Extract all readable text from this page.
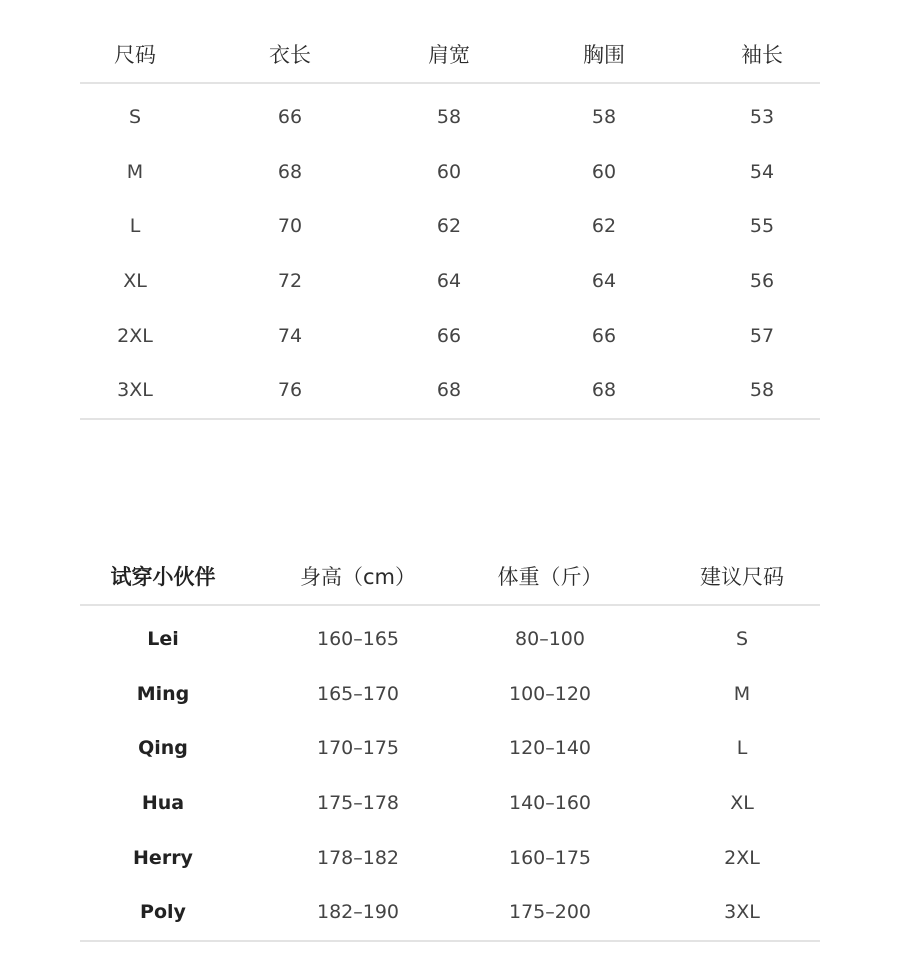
尺码	衣长	肩宽	胸围	袖长
S	66	58	58	53
M	68	60	60	54
L	70	62	62	55
XL	72	64	64	56
2XL	74	66	66	57
3XL	76	68	68	58
试穿小伙伴	身高（cm）	体重（斤）	建议尺码
Lei	160–165	80–100	S
Ming	165–170	100–120	M
Qing	170–175	120–140	L
Hua	175–178	140–160	XL
Herry	178–182	160–175	2XL
Poly	182–190	175–200	3XL
